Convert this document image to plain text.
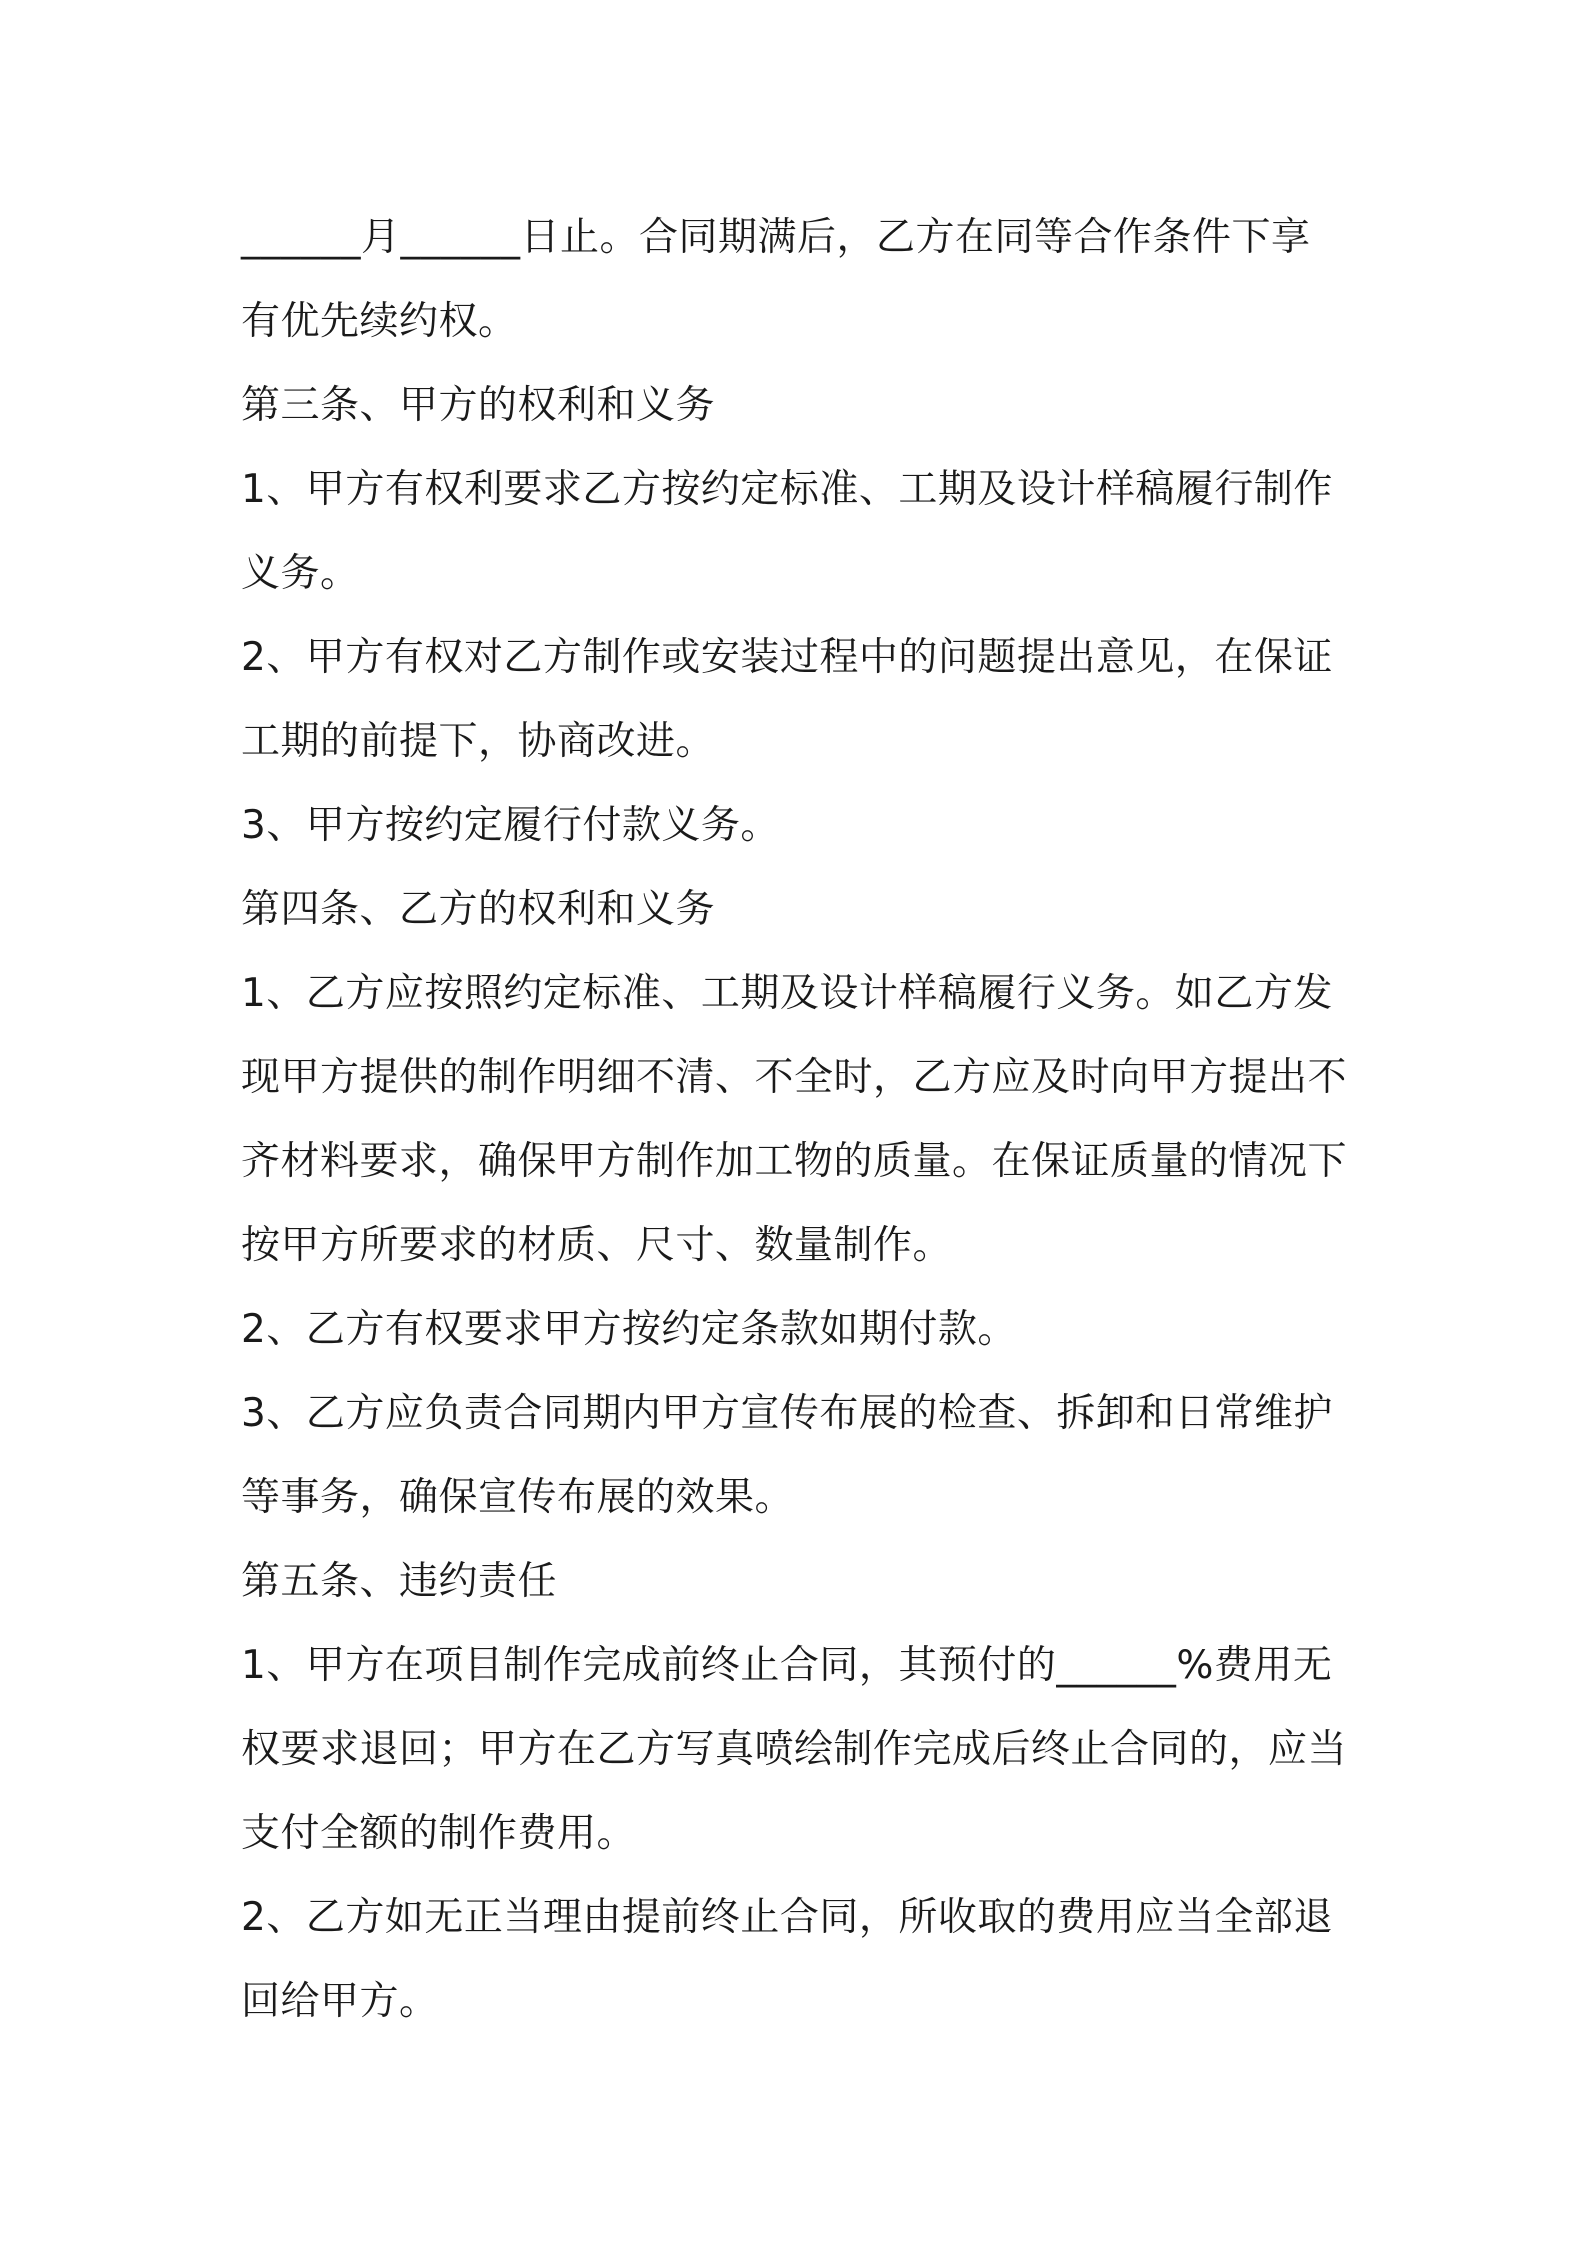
______月______日止。合同期满后，乙方在同等合作条件下享
有优先续约权。
第三条、甲方的权利和义务
1、甲方有权利要求乙方按约定标准、工期及设计样稿履行制作
义务。
2、甲方有权对乙方制作或安装过程中的问题提出意见，在保证
工期的前提下，协商改进。
3、甲方按约定履行付款义务。
第四条、乙方的权利和义务
1、乙方应按照约定标准、工期及设计样稿履行义务。如乙方发
现甲方提供的制作明细不清、不全时，乙方应及时向甲方提出不
齐材料要求，确保甲方制作加工物的质量。在保证质量的情况下
按甲方所要求的材质、尺寸、数量制作。
2、乙方有权要求甲方按约定条款如期付款。
3、乙方应负责合同期内甲方宣传布展的检查、拆卸和日常维护
等事务，确保宣传布展的效果。
第五条、违约责任
1、甲方在项目制作完成前终止合同，其预付的______%费用无
权要求退回；甲方在乙方写真喷绘制作完成后终止合同的，应当
支付全额的制作费用。
2、乙方如无正当理由提前终止合同，所收取的费用应当全部退
回给甲方。
